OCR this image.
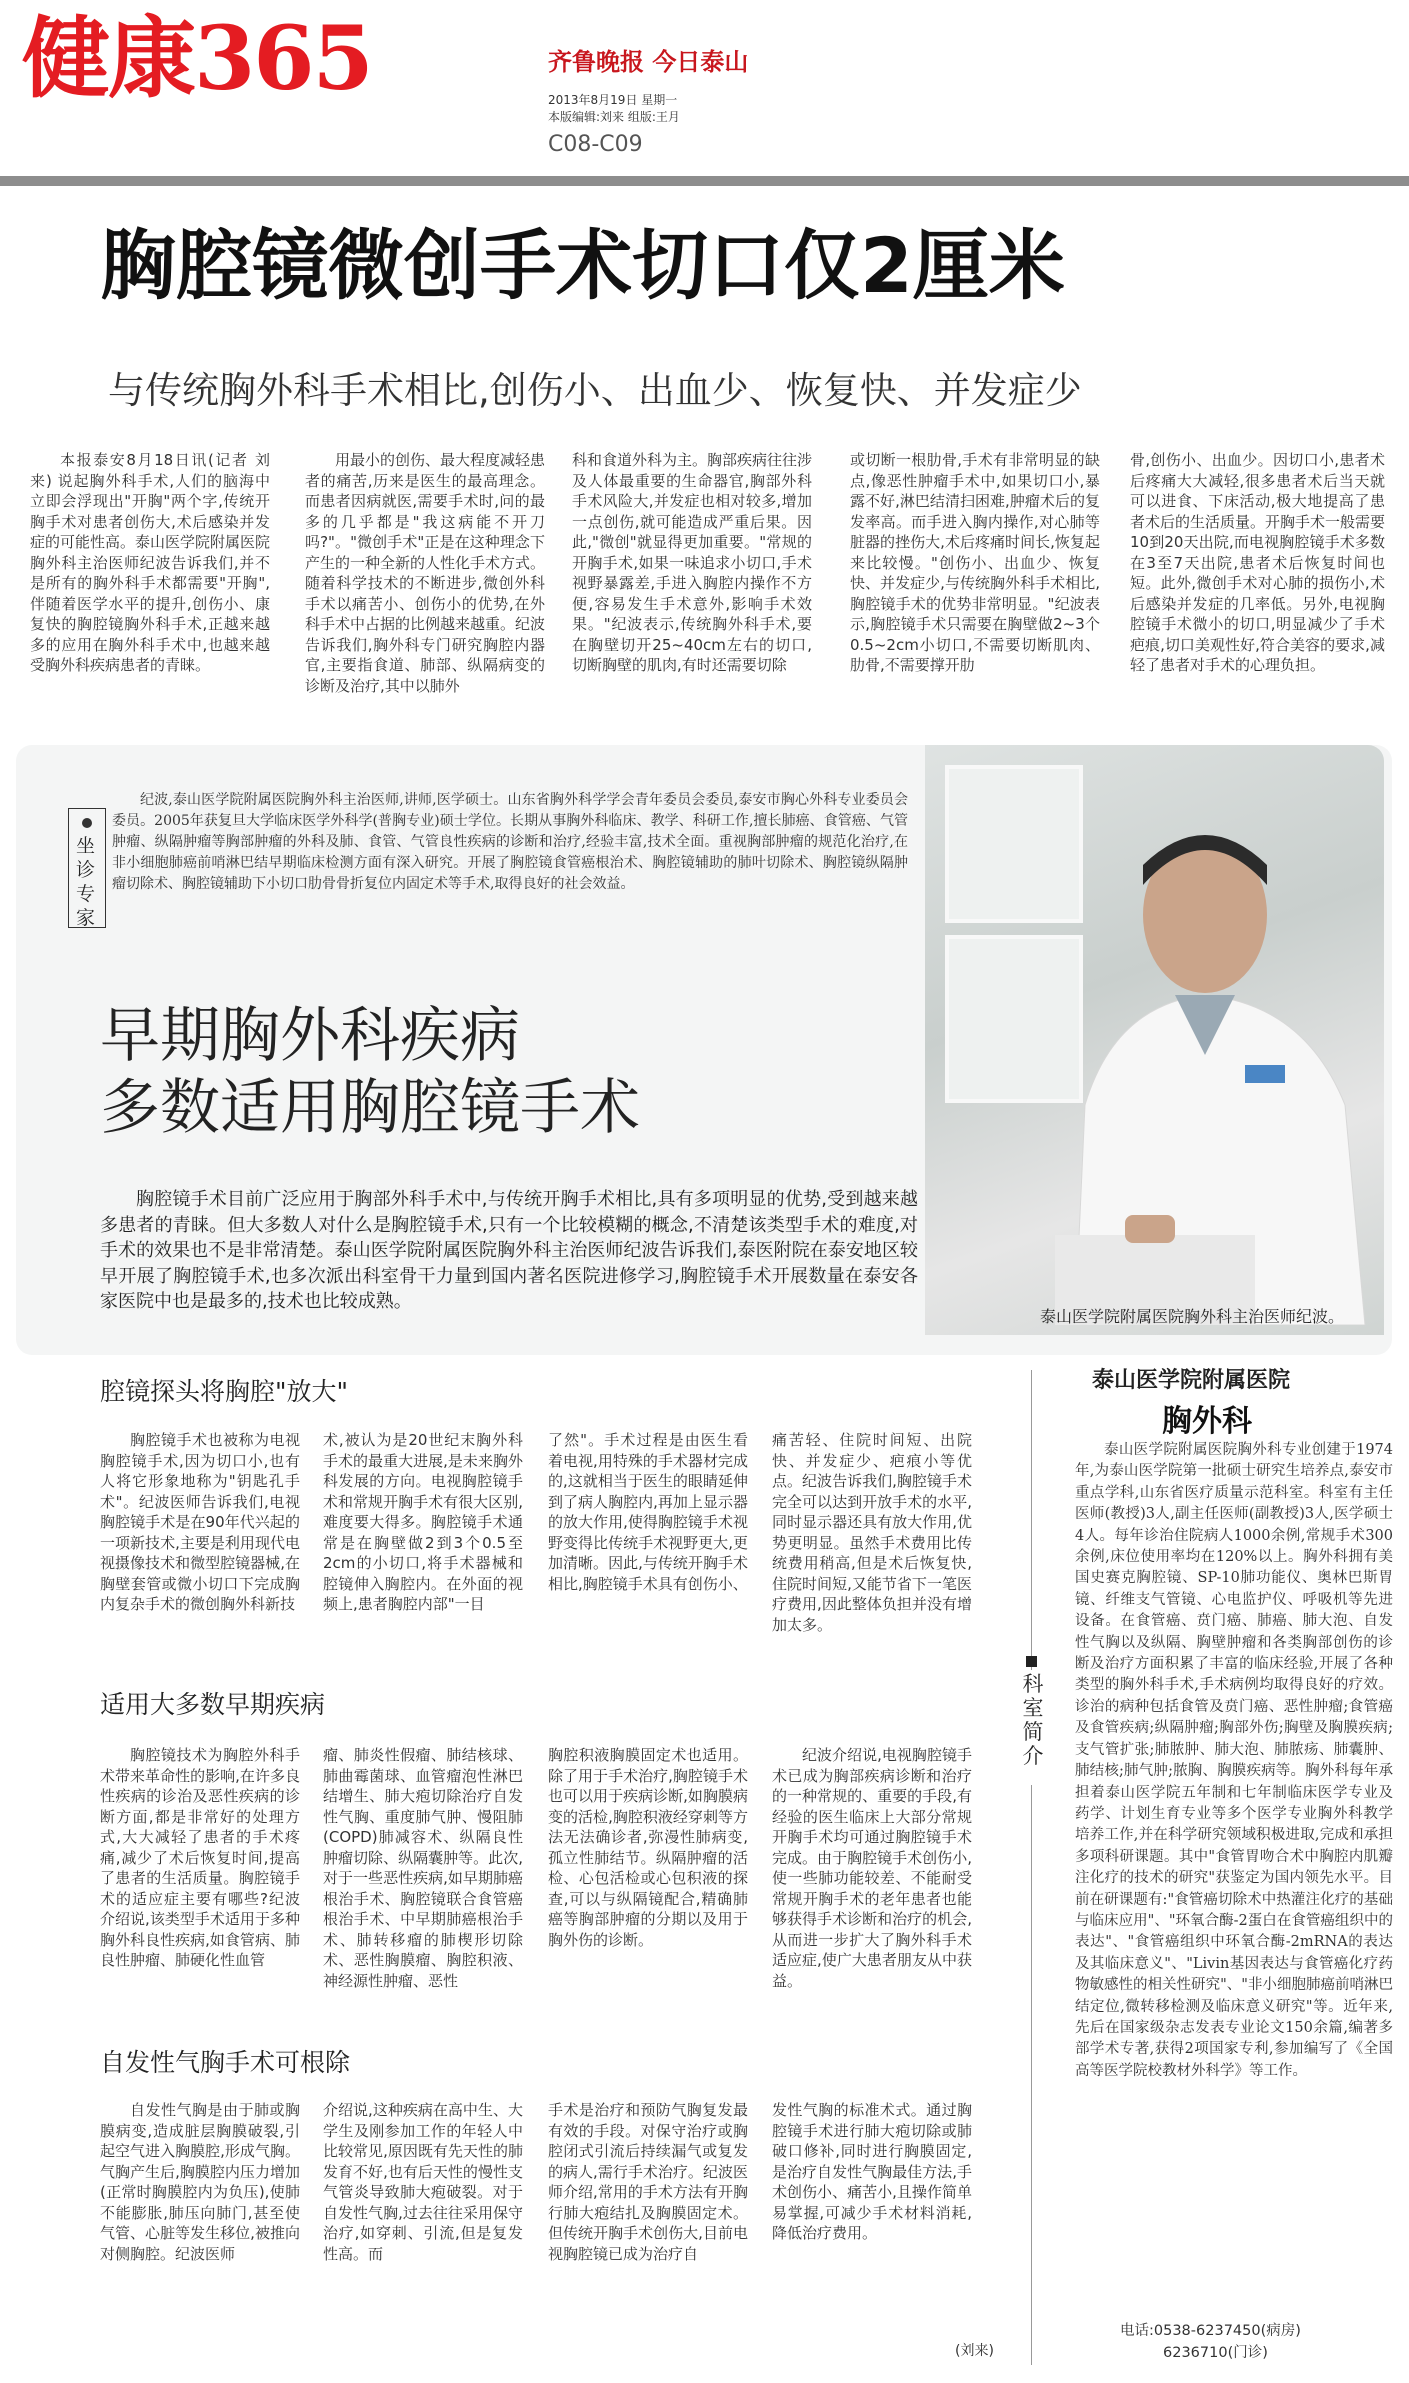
健康365	齐鲁晚报 今日泰山
2013年8月19日 星期一
本版编辑:刘来 组版:王月
C08-C09
胸腔镜微创手术切口仅2厘米
与传统胸外科手术相比,创伤小、出血少、恢复快、并发症少
本报泰安8月18日讯(记者 刘来) 说起胸外科手术,人们的脑海中立即会浮现出"开胸"两个字,传统开胸手术对患者创伤大,术后感染并发症的可能性高。泰山医学院附属医院胸外科主治医师纪波告诉我们,并不是所有的胸外科手术都需要"开胸",伴随着医学水平的提升,创伤小、康复快的胸腔镜胸外科手术,正越来越多的应用在胸外科手术中,也越来越受胸外科疾病患者的青睐。
用最小的创伤、最大程度减轻患者的痛苦,历来是医生的最高理念。而患者因病就医,需要手术时,问的最多的几乎都是"我这病能不开刀吗?"。"微创手术"正是在这种理念下产生的一种全新的人性化手术方式。随着科学技术的不断进步,微创外科手术以痛苦小、创伤小的优势,在外科手术中占据的比例越来越重。纪波告诉我们,胸外科专门研究胸腔内器官,主要指食道、肺部、纵隔病变的诊断及治疗,其中以肺外
科和食道外科为主。胸部疾病往往涉及人体最重要的生命器官,胸部外科手术风险大,并发症也相对较多,增加一点创伤,就可能造成严重后果。因此,"微创"就显得更加重要。"常规的开胸手术,如果一味追求小切口,手术视野暴露差,手进入胸腔内操作不方便,容易发生手术意外,影响手术效果。"纪波表示,传统胸外科手术,要在胸壁切开25~40cm左右的切口,切断胸壁的肌肉,有时还需要切除
或切断一根肋骨,手术有非常明显的缺点,像恶性肿瘤手术中,如果切口小,暴露不好,淋巴结清扫困难,肿瘤术后的复发率高。而手进入胸内操作,对心肺等脏器的挫伤大,术后疼痛时间长,恢复起来比较慢。"创伤小、出血少、恢复快、并发症少,与传统胸外科手术相比,胸腔镜手术的优势非常明显。"纪波表示,胸腔镜手术只需要在胸壁做2~3个0.5~2cm小切口,不需要切断肌肉、肋骨,不需要撑开肋
骨,创伤小、出血少。因切口小,患者术后疼痛大大减轻,很多患者术后当天就可以进食、下床活动,极大地提高了患者术后的生活质量。开胸手术一般需要10到20天出院,而电视胸腔镜手术多数在3至7天出院,患者术后恢复时间也短。此外,微创手术对心肺的损伤小,术后感染并发症的几率低。另外,电视胸腔镜手术微小的切口,明显减少了手术疤痕,切口美观性好,符合美容的要求,减轻了患者对手术的心理负担。
泰山医学院附属医院胸外科主治医师纪波。
坐诊专家
纪波,泰山医学院附属医院胸外科主治医师,讲师,医学硕士。山东省胸外科学学会青年委员会委员,泰安市胸心外科专业委员会委员。2005年获复旦大学临床医学外科学(普胸专业)硕士学位。长期从事胸外科临床、教学、科研工作,擅长肺癌、食管癌、气管肿瘤、纵隔肿瘤等胸部肿瘤的外科及肺、食管、气管良性疾病的诊断和治疗,经验丰富,技术全面。重视胸部肿瘤的规范化治疗,在非小细胞肺癌前哨淋巴结早期临床检测方面有深入研究。开展了胸腔镜食管癌根治术、胸腔镜辅助的肺叶切除术、胸腔镜纵隔肿瘤切除术、胸腔镜辅助下小切口肋骨骨折复位内固定术等手术,取得良好的社会效益。
早期胸外科疾病
多数适用胸腔镜手术
胸腔镜手术目前广泛应用于胸部外科手术中,与传统开胸手术相比,具有多项明显的优势,受到越来越多患者的青睐。但大多数人对什么是胸腔镜手术,只有一个比较模糊的概念,不清楚该类型手术的难度,对手术的效果也不是非常清楚。泰山医学院附属医院胸外科主治医师纪波告诉我们,泰医附院在泰安地区较早开展了胸腔镜手术,也多次派出科室骨干力量到国内著名医院进修学习,胸腔镜手术开展数量在泰安各家医院中也是最多的,技术也比较成熟。
腔镜探头将胸腔"放大"
胸腔镜手术也被称为电视胸腔镜手术,因为切口小,也有人将它形象地称为"钥匙孔手术"。纪波医师告诉我们,电视胸腔镜手术是在90年代兴起的一项新技术,主要是利用现代电视摄像技术和微型腔镜器械,在胸壁套管或微小切口下完成胸内复杂手术的微创胸外科新技
术,被认为是20世纪末胸外科手术的最重大进展,是未来胸外科发展的方向。电视胸腔镜手术和常规开胸手术有很大区别,难度要大得多。胸腔镜手术通常是在胸壁做2到3个0.5至2cm的小切口,将手术器械和腔镜伸入胸腔内。在外面的视频上,患者胸腔内部"一目
了然"。手术过程是由医生看着电视,用特殊的手术器材完成的,这就相当于医生的眼睛延伸到了病人胸腔内,再加上显示器的放大作用,使得胸腔镜手术视野变得比传统手术视野更大,更加清晰。因此,与传统开胸手术相比,胸腔镜手术具有创伤小、
痛苦轻、住院时间短、出院快、并发症少、疤痕小等优点。纪波告诉我们,胸腔镜手术完全可以达到开放手术的水平,同时显示器还具有放大作用,优势更明显。虽然手术费用比传统费用稍高,但是术后恢复快,住院时间短,又能节省下一笔医疗费用,因此整体负担并没有增加太多。
适用大多数早期疾病
胸腔镜技术为胸腔外科手术带来革命性的影响,在许多良性疾病的诊治及恶性疾病的诊断方面,都是非常好的处理方式,大大减轻了患者的手术疼痛,减少了术后恢复时间,提高了患者的生活质量。胸腔镜手术的适应症主要有哪些?纪波介绍说,该类型手术适用于多种胸外科良性疾病,如食管病、肺良性肿瘤、肺硬化性血管
瘤、肺炎性假瘤、肺结核球、肺曲霉菌球、血管瘤泡性淋巴结增生、肺大疱切除治疗自发性气胸、重度肺气肿、慢阻肺(COPD)肺减容术、纵隔良性肿瘤切除、纵隔囊肿等。此次,对于一些恶性疾病,如早期肺癌根治手术、胸腔镜联合食管癌根治手术、中早期肺癌根治手术、肺转移瘤的肺楔形切除术、恶性胸膜瘤、胸腔积液、神经源性肿瘤、恶性
胸腔积液胸膜固定术也适用。除了用于手术治疗,胸腔镜手术也可以用于疾病诊断,如胸膜病变的活检,胸腔积液经穿刺等方法无法确诊者,弥漫性肺病变,孤立性肺结节。纵隔肿瘤的活检、心包活检或心包积液的探查,可以与纵隔镜配合,精确肺癌等胸部肿瘤的分期以及用于胸外伤的诊断。
纪波介绍说,电视胸腔镜手术已成为胸部疾病诊断和治疗的一种常规的、重要的手段,有经验的医生临床上大部分常规开胸手术均可通过胸腔镜手术完成。由于胸腔镜手术创伤小,使一些肺功能较差、不能耐受常规开胸手术的老年患者也能够获得手术诊断和治疗的机会,从而进一步扩大了胸外科手术适应症,使广大患者朋友从中获益。
自发性气胸手术可根除
自发性气胸是由于肺或胸膜病变,造成脏层胸膜破裂,引起空气进入胸膜腔,形成气胸。气胸产生后,胸膜腔内压力增加(正常时胸膜腔内为负压),使肺不能膨胀,肺压向肺门,甚至使气管、心脏等发生移位,被推向对侧胸腔。纪波医师
介绍说,这种疾病在高中生、大学生及刚参加工作的年轻人中比较常见,原因既有先天性的肺发育不好,也有后天性的慢性支气管炎导致肺大疱破裂。对于自发性气胸,过去往往采用保守治疗,如穿刺、引流,但是复发性高。而
手术是治疗和预防气胸复发最有效的手段。对保守治疗或胸腔闭式引流后持续漏气或复发的病人,需行手术治疗。纪波医师介绍,常用的手术方法有开胸行肺大疱结扎及胸膜固定术。但传统开胸手术创伤大,目前电视胸腔镜已成为治疗自
发性气胸的标准术式。通过胸腔镜手术进行肺大疱切除或肺破口修补,同时进行胸膜固定,是治疗自发性气胸最佳方法,手术创伤小、痛苦小,且操作简单易掌握,可减少手术材料消耗,降低治疗费用。
(刘来)
科室简介
泰山医学院附属医院
胸外科
泰山医学院附属医院胸外科专业创建于1974年,为泰山医学院第一批硕士研究生培养点,泰安市重点学科,山东省医疗质量示范科室。科室有主任医师(教授)3人,副主任医师(副教授)3人,医学硕士4人。每年诊治住院病人1000余例,常规手术300余例,床位使用率均在120%以上。胸外科拥有美国史赛克胸腔镜、SP-10肺功能仪、奥林巴斯胃镜、纤维支气管镜、心电监护仪、呼吸机等先进设备。在食管癌、贲门癌、肺癌、肺大泡、自发性气胸以及纵隔、胸壁肿瘤和各类胸部创伤的诊断及治疗方面积累了丰富的临床经验,开展了各种类型的胸外科手术,手术病例均取得良好的疗效。诊治的病种包括食管及贲门癌、恶性肿瘤;食管癌及食管疾病;纵隔肿瘤;胸部外伤;胸壁及胸膜疾病;支气管扩张;肺脓肿、肺大泡、肺脓疡、肺囊肿、肺结核;肺气肿;脓胸、胸膜疾病等。胸外科每年承担着泰山医学院五年制和七年制临床医学专业及药学、计划生育专业等多个医学专业胸外科教学培养工作,并在科学研究领域积极进取,完成和承担多项科研课题。其中"食管胃吻合术中胸腔内肌瓣注化疗的技术的研究"获鉴定为国内领先水平。目前在研课题有:"食管癌切除术中热灌注化疗的基础与临床应用"、"环氧合酶-2蛋白在食管癌组织中的表达"、"食管癌组织中环氧合酶-2mRNA的表达及其临床意义"、"Livin基因表达与食管癌化疗药物敏感性的相关性研究"、"非小细胞肺癌前哨淋巴结定位,微转移检测及临床意义研究"等。近年来,先后在国家级杂志发表专业论文150余篇,编著多部学术专著,获得2项国家专利,参加编写了《全国高等医学院校教材外科学》等工作。
电话:0538-6237450(病房)
6236710(门诊)
